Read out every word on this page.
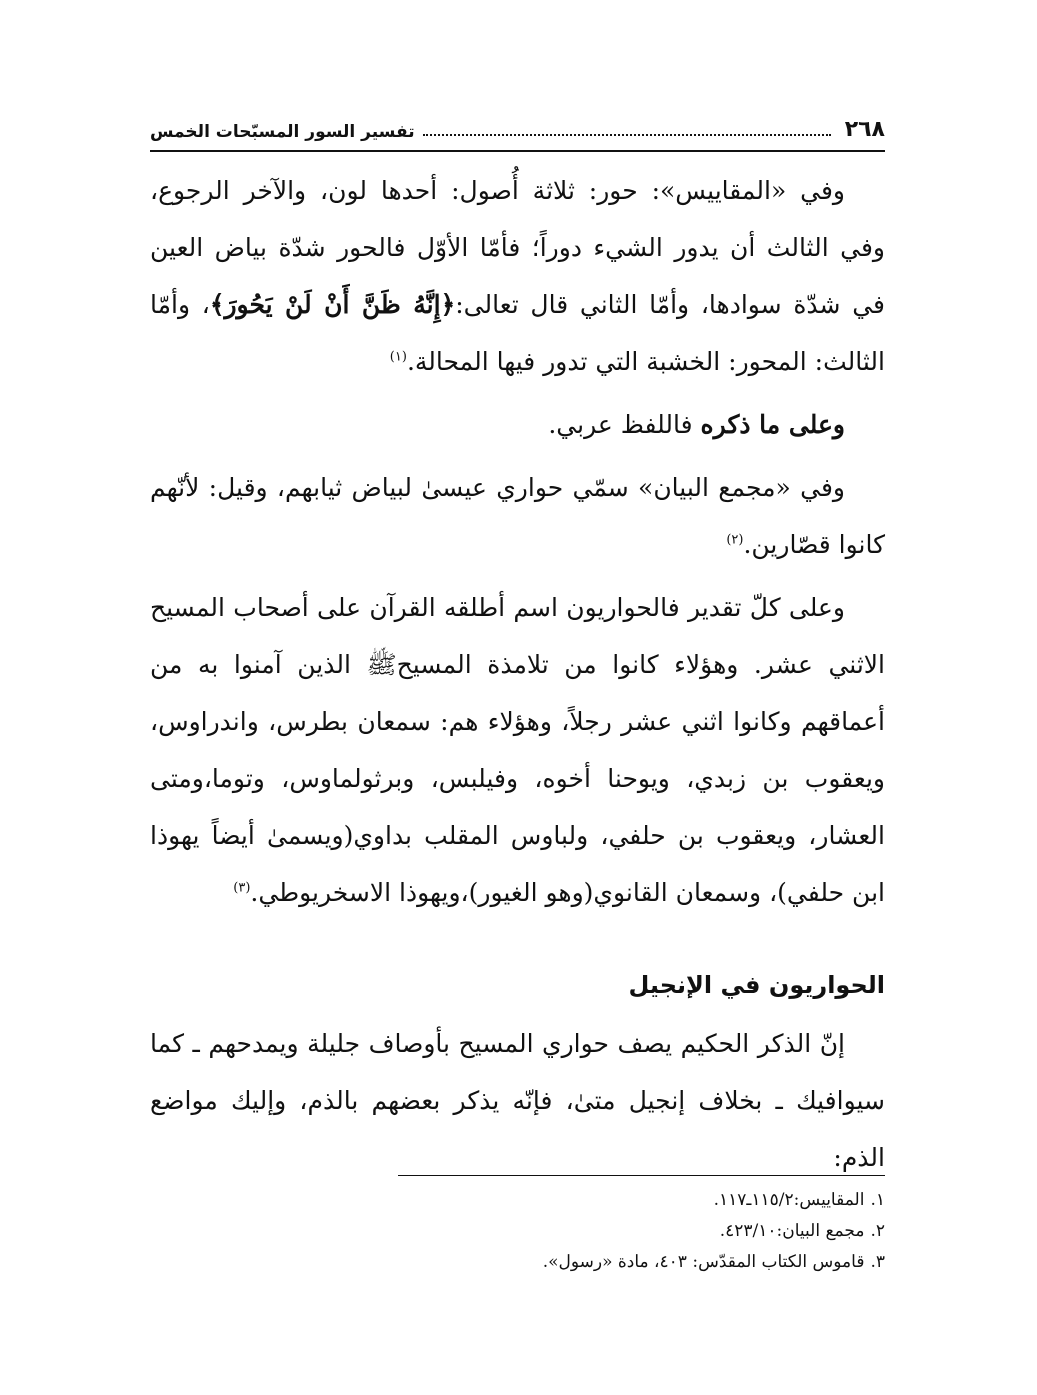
٢٦٨
تفسير السور المسبّحات الخمس

وفي «المقاييس»: حور: ثلاثة أُصول: أحدها لون، والآخر الرجوع، وفي الثالث أن يدور الشيء دوراً؛ فأمّا الأوّل فالحور شدّة بياض العين في شدّة سوادها، وأمّا الثاني قال تعالى:﴿إِنَّهُ ظَنَّ أَنْ لَنْ يَحُورَ﴾، وأمّا الثالث: المحور: الخشبة التي تدور فيها المحالة.$^{(١)}$

وعلى ما ذكره فاللفظ عربي.

وفي «مجمع البيان» سمّي حواري عيسىٰ لبياض ثيابهم، وقيل: لأنّهم كانوا قصّارين.$^{(٢)}$

وعلى كلّ تقدير فالحواريون اسم أطلقه القرآن على أصحاب المسيح الاثني عشر. وهؤلاء كانوا من تلامذة المسيحﷺ الذين آمنوا به من أعماقهم وكانوا اثني عشر رجلاً، وهؤلاء هم: سمعان بطرس، واندراوس، ويعقوب بن زبدي، ويوحنا أخوه، وفيلبس، وبرثولماوس، وتوما،ومتى العشار، ويعقوب بن حلفي، ولباوس المقلب بداوي(ويسمىٰ أيضاً يهوذا ابن حلفي)، وسمعان القانوي(وهو الغيور)،ويهوذا الاسخريوطي.$^{(٣)}$

الحواريون في الإنجيل

إنّ الذكر الحكيم يصف حواري المسيح بأوصاف جليلة ويمدحهم ـ كما سيوافيك ـ بخلاف إنجيل متىٰ، فإنّه يذكر بعضهم بالذم، وإليك مواضع الذم:

١.
المقاييس:١١٥/٢ـ١١٧.
٢.
مجمع البيان:٤٢٣/١٠.
٣.
قاموس الكتاب المقدّس: ٤٠٣، مادة «رسول».
